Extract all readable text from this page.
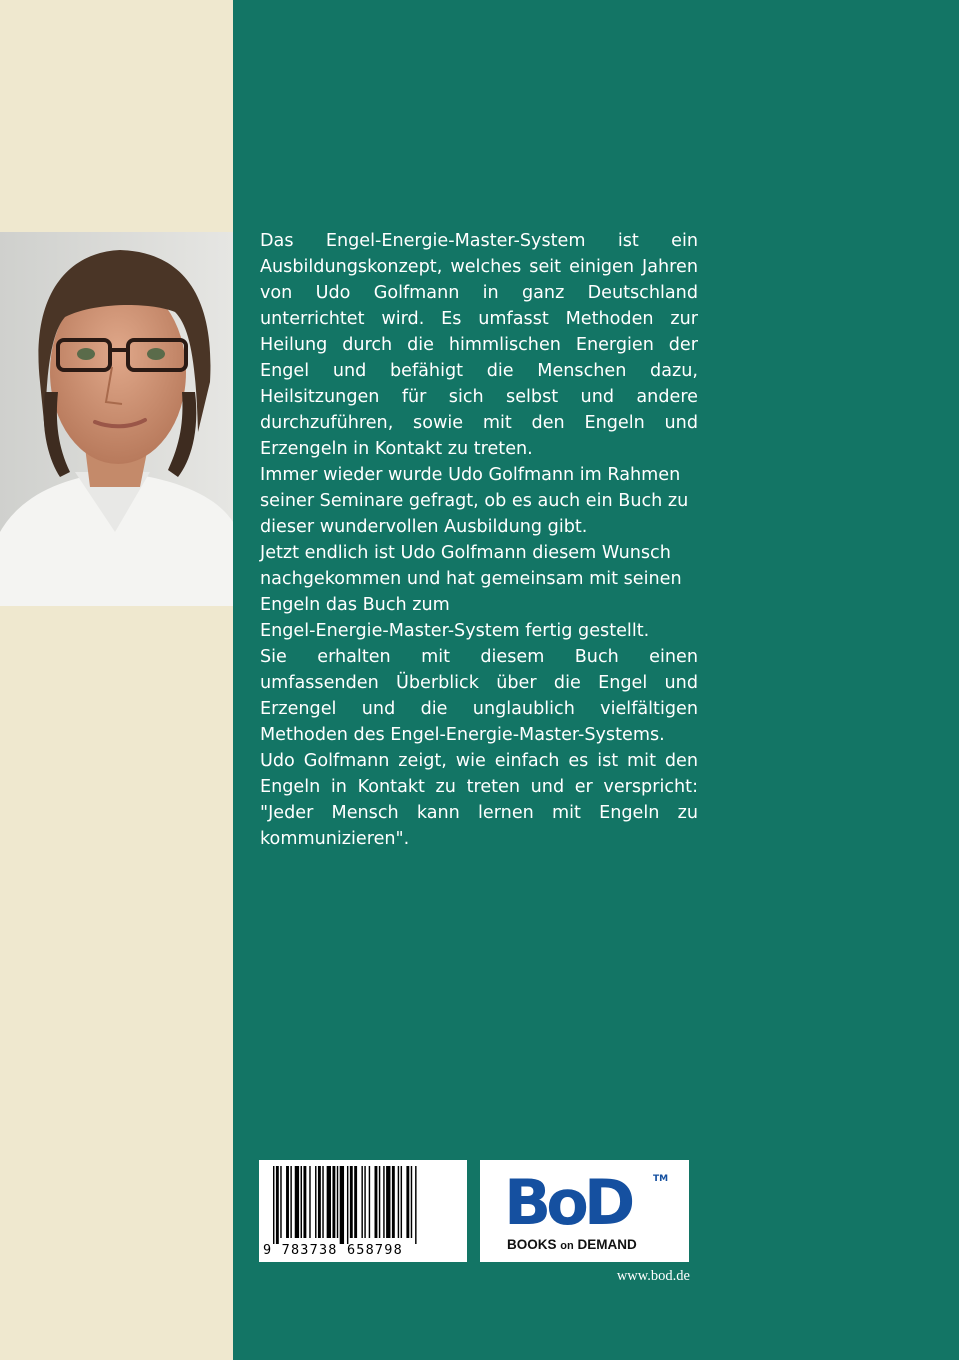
Das Engel-Energie-Master-System ist ein Ausbildungskonzept, welches seit einigen Jahren von Udo Golfmann in ganz Deutschland unterrichtet wird. Es umfasst Methoden zur Heilung durch die himmlischen Energien der Engel und befähigt die Menschen dazu, Heilsitzungen für sich selbst und andere durchzuführen, sowie mit den Engeln und Erzengeln in Kontakt zu treten.

Immer wieder wurde Udo Golfmann im Rahmen seiner Seminare gefragt, ob es auch ein Buch zu dieser wundervollen Ausbildung gibt.

Jetzt endlich ist Udo Golfmann diesem Wunsch nachgekommen und hat gemeinsam mit seinen Engeln das Buch zum

Engel-Energie-Master-System fertig gestellt.

Sie erhalten mit diesem Buch einen umfassenden Überblick über die Engel und Erzengel und die unglaublich vielfältigen Methoden des Engel-Energie-Master-Systems.

Udo Golfmann zeigt, wie einfach es ist mit den Engeln in Kontakt zu treten und er verspricht: "Jeder Mensch kann lernen mit Engeln zu kommunizieren".

9 783738 658798
BoD	TM
BOOKS on DEMAND
www.bod.de
